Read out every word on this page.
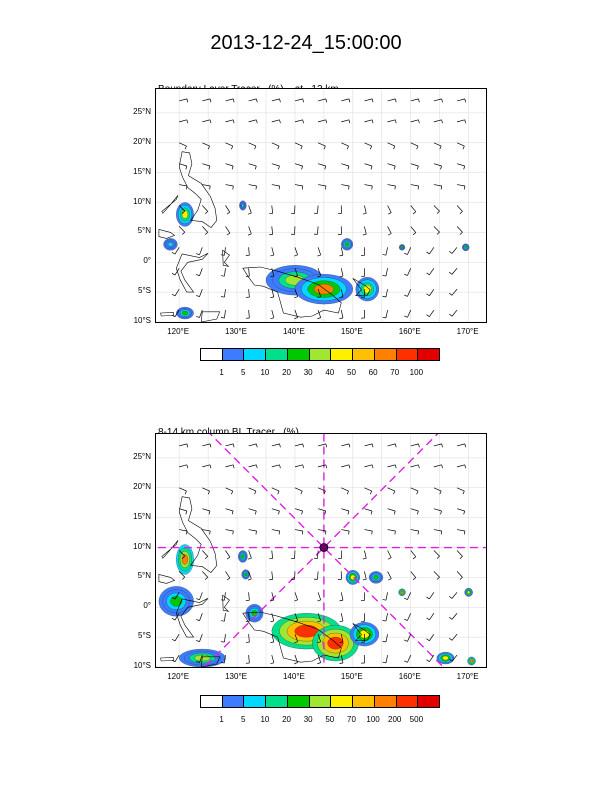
2013-12-24_15:00:00

25°N
20°N
15°N
10°N
5°N
0°
5°S
10°S
120°E	130°E	140°E	150°E	160°E	170°E
1	5	10	20	30	40	50	60	70	100

25°N
20°N
15°N
10°N
5°N
0°
5°S
10°S
120°E	130°E	140°E	150°E	160°E	170°E
1	5	10	20	30	50	70	100	200	500
